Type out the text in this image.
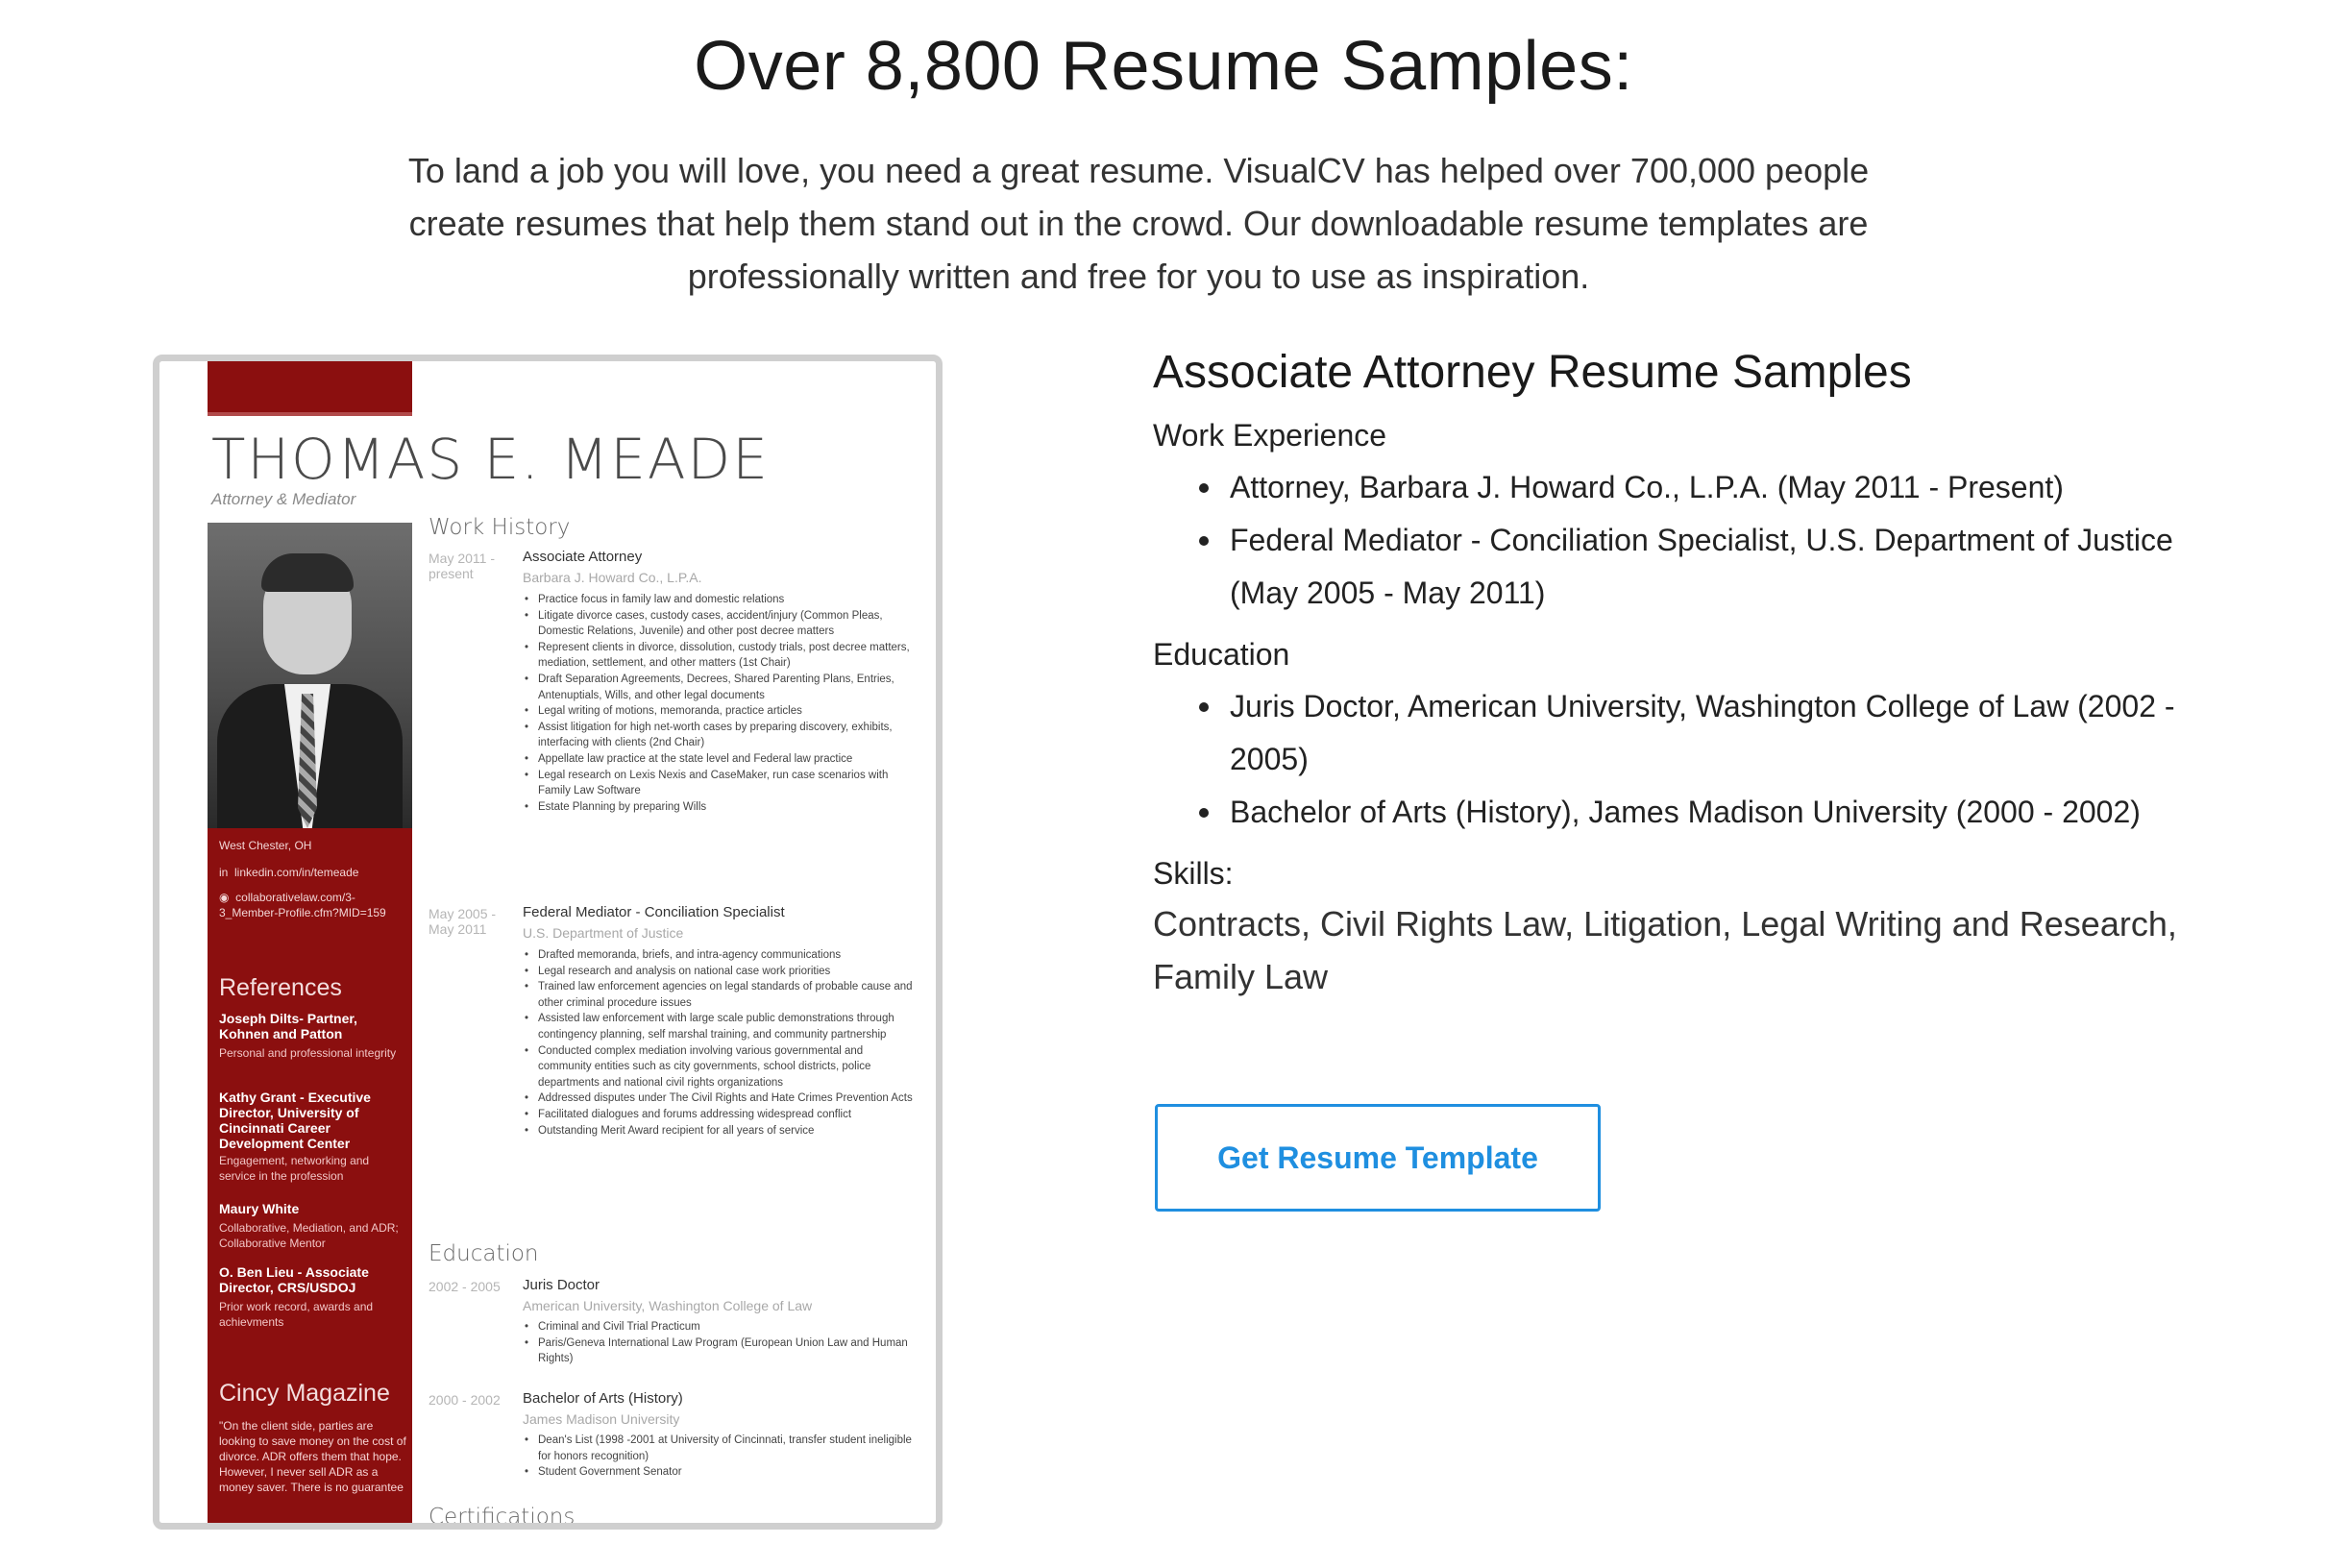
Over 8,800 Resume Samples:

To land a job you will love, you need a great resume. VisualCV has helped over 700,000 people create resumes that help them stand out in the crowd. Our downloadable resume templates are professionally written and free for you to use as inspiration.

THOMAS E. MEADE
Attorney & Mediator
West Chester, OH
in  linkedin.com/in/temeade
◉  collaborativelaw.com/3-3_Member-Profile.cfm?MID=159
References
Joseph Dilts- Partner, Kohnen and Patton
Personal and professional integrity
Kathy Grant - Executive Director, University of Cincinnati Career Development Center
Engagement, networking and service in the profession
Maury White
Collaborative, Mediation, and ADR; Collaborative Mentor
O. Ben Lieu - Associate Director, CRS/USDOJ
Prior work record, awards and achievments
Cincy Magazine
"On the client side, parties are looking to save money on the cost of divorce. ADR offers them that hope. However, I never sell ADR as a money saver. There is no guarantee
Work History
May 2011 - present
Associate Attorney
Barbara J. Howard Co., L.P.A.
• Practice focus in family law and domestic relations
• Litigate divorce cases, custody cases, accident/injury (Common Pleas, Domestic Relations, Juvenile) and other post decree matters
• Represent clients in divorce, dissolution, custody trials, post decree matters, mediation, settlement, and other matters (1st Chair)
• Draft Separation Agreements, Decrees, Shared Parenting Plans, Entries, Antenuptials, Wills, and other legal documents
• Legal writing of motions, memoranda, practice articles
• Assist litigation for high net-worth cases by preparing discovery, exhibits, interfacing with clients (2nd Chair)
• Appellate law practice at the state level and Federal law practice
• Legal research on Lexis Nexis and CaseMaker, run case scenarios with Family Law Software
• Estate Planning by preparing Wills
May 2005 - May 2011
Federal Mediator - Conciliation Specialist
U.S. Department of Justice
• Drafted memoranda, briefs, and intra-agency communications
• Legal research and analysis on national case work priorities
• Trained law enforcement agencies on legal standards of probable cause and other criminal procedure issues
• Assisted law enforcement with large scale public demonstrations through contingency planning, self marshal training, and community partnership
• Conducted complex mediation involving various governmental and community entities such as city governments, school districts, police departments and national civil rights organizations
• Addressed disputes under The Civil Rights and Hate Crimes Prevention Acts
• Facilitated dialogues and forums addressing widespread conflict
• Outstanding Merit Award recipient for all years of service
Education
2002 - 2005	Juris Doctor
American University, Washington College of Law
• Criminal and Civil Trial Practicum
• Paris/Geneva International Law Program (European Union Law and Human Rights)
2000 - 2002	Bachelor of Arts (History)
James Madison University
• Dean's List (1998 -2001 at University of Cincinnati, transfer student ineligible for honors recognition)
• Student Government Senator
Certifications
Associate Attorney Resume Samples
Work Experience
Attorney, Barbara J. Howard Co., L.P.A. (May 2011 - Present)
Federal Mediator - Conciliation Specialist, U.S. Department of Justice (May 2005 - May 2011)
Education
Juris Doctor, American University, Washington College of Law (2002 - 2005)
Bachelor of Arts (History), James Madison University (2000 - 2002)
Skills:
Contracts, Civil Rights Law, Litigation, Legal Writing and Research, Family Law
Get Resume Template
